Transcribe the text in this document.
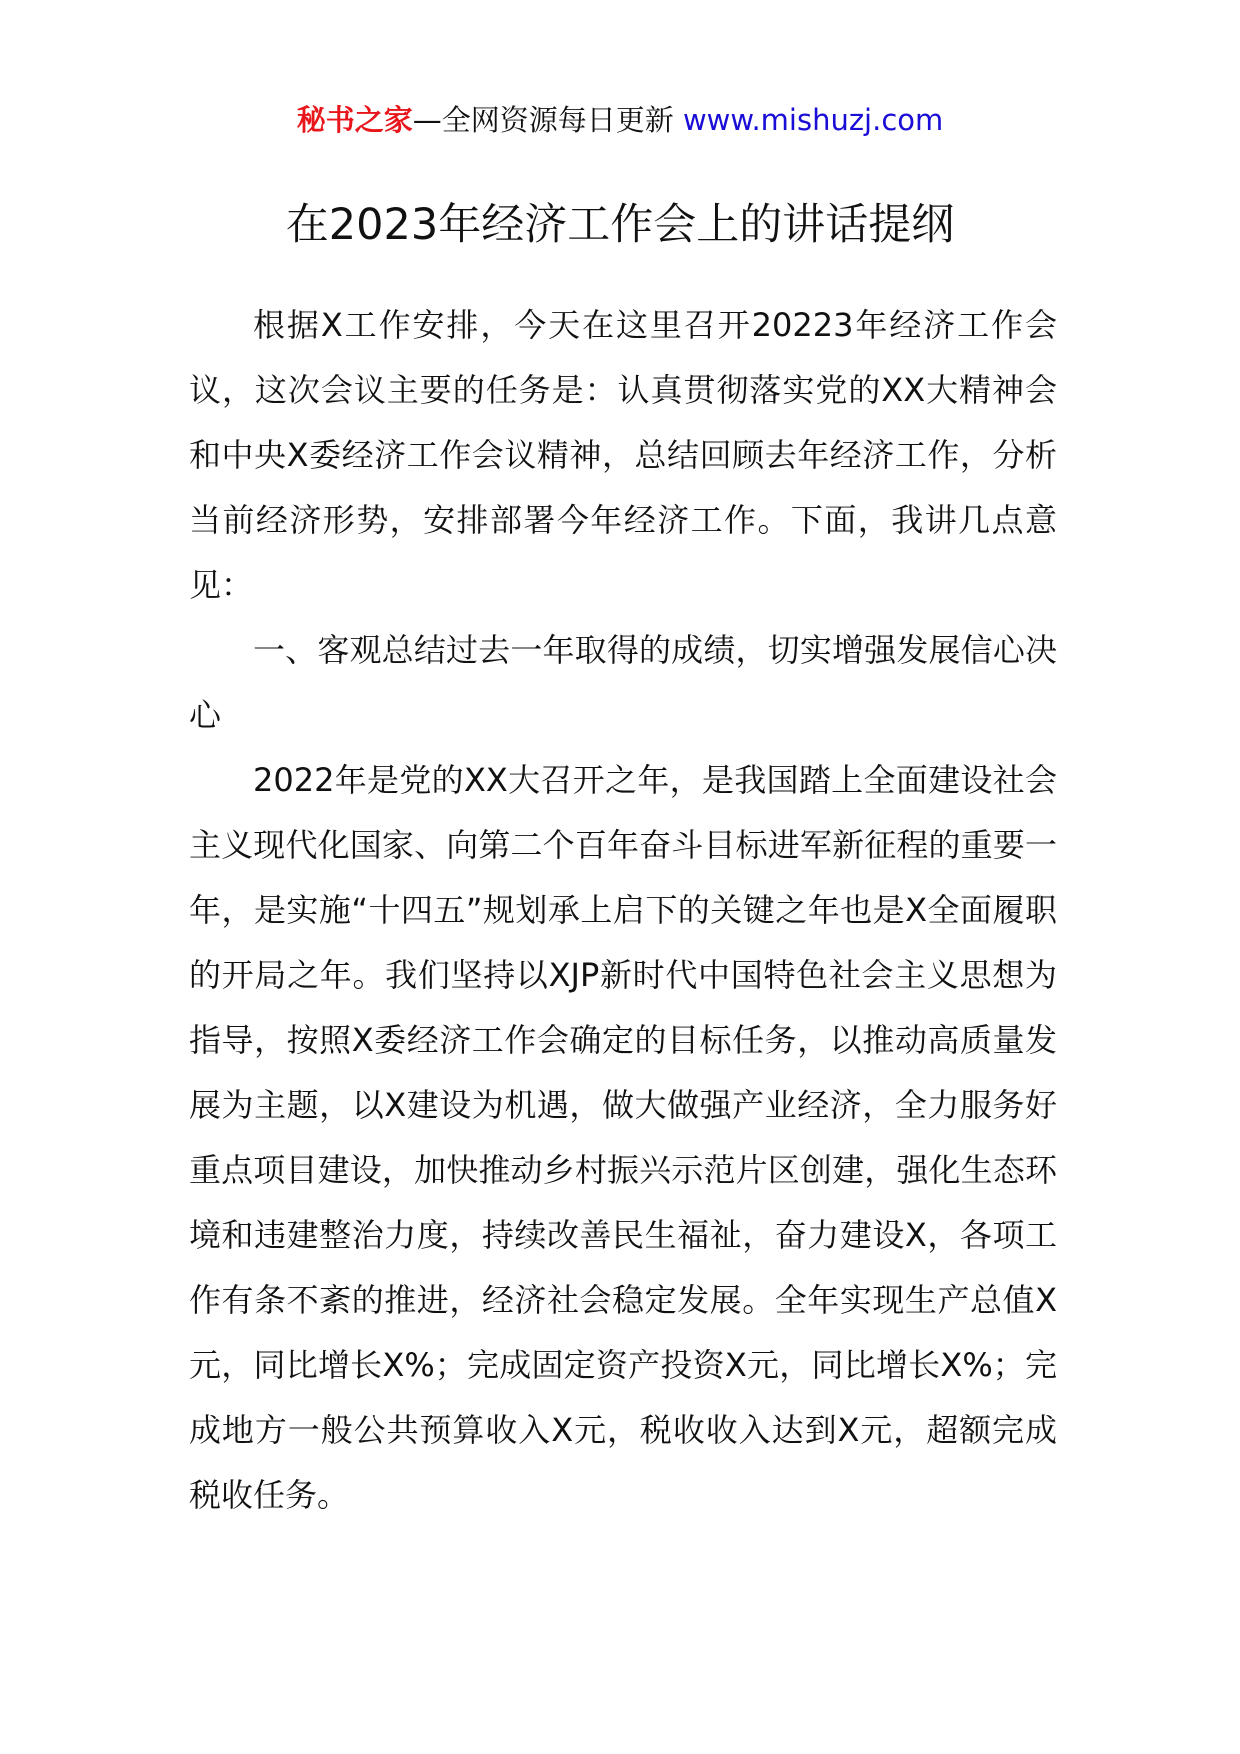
秘书之家—全网资源每日更新 www.mishuzj.com
在2023年经济工作会上的讲话提纲

根据X工作安排，今天在这里召开20223年经济工作会议，这次会议主要的任务是：认真贯彻落实党的XX大精神会和中央X委经济工作会议精神，总结回顾去年经济工作，分析当前经济形势，安排部署今年经济工作。下面，我讲几点意见：

一、客观总结过去一年取得的成绩，切实增强发展信心决心

2022年是党的XX大召开之年，是我国踏上全面建设社会主义现代化国家、向第二个百年奋斗目标进军新征程的重要一年，是实施“十四五”规划承上启下的关键之年也是X全面履职的开局之年。我们坚持以XJP新时代中国特色社会主义思想为指导，按照X委经济工作会确定的目标任务，以推动高质量发展为主题，以X建设为机遇，做大做强产业经济，全力服务好重点项目建设，加快推动乡村振兴示范片区创建，强化生态环境和违建整治力度，持续改善民生福祉，奋力建设X，各项工作有条不紊的推进，经济社会稳定发展。全年实现生产总值X元，同比增长X%；完成固定资产投资X元，同比增长X%；完成地方一般公共预算收入X元，税收收入达到X元，超额完成税收任务。
